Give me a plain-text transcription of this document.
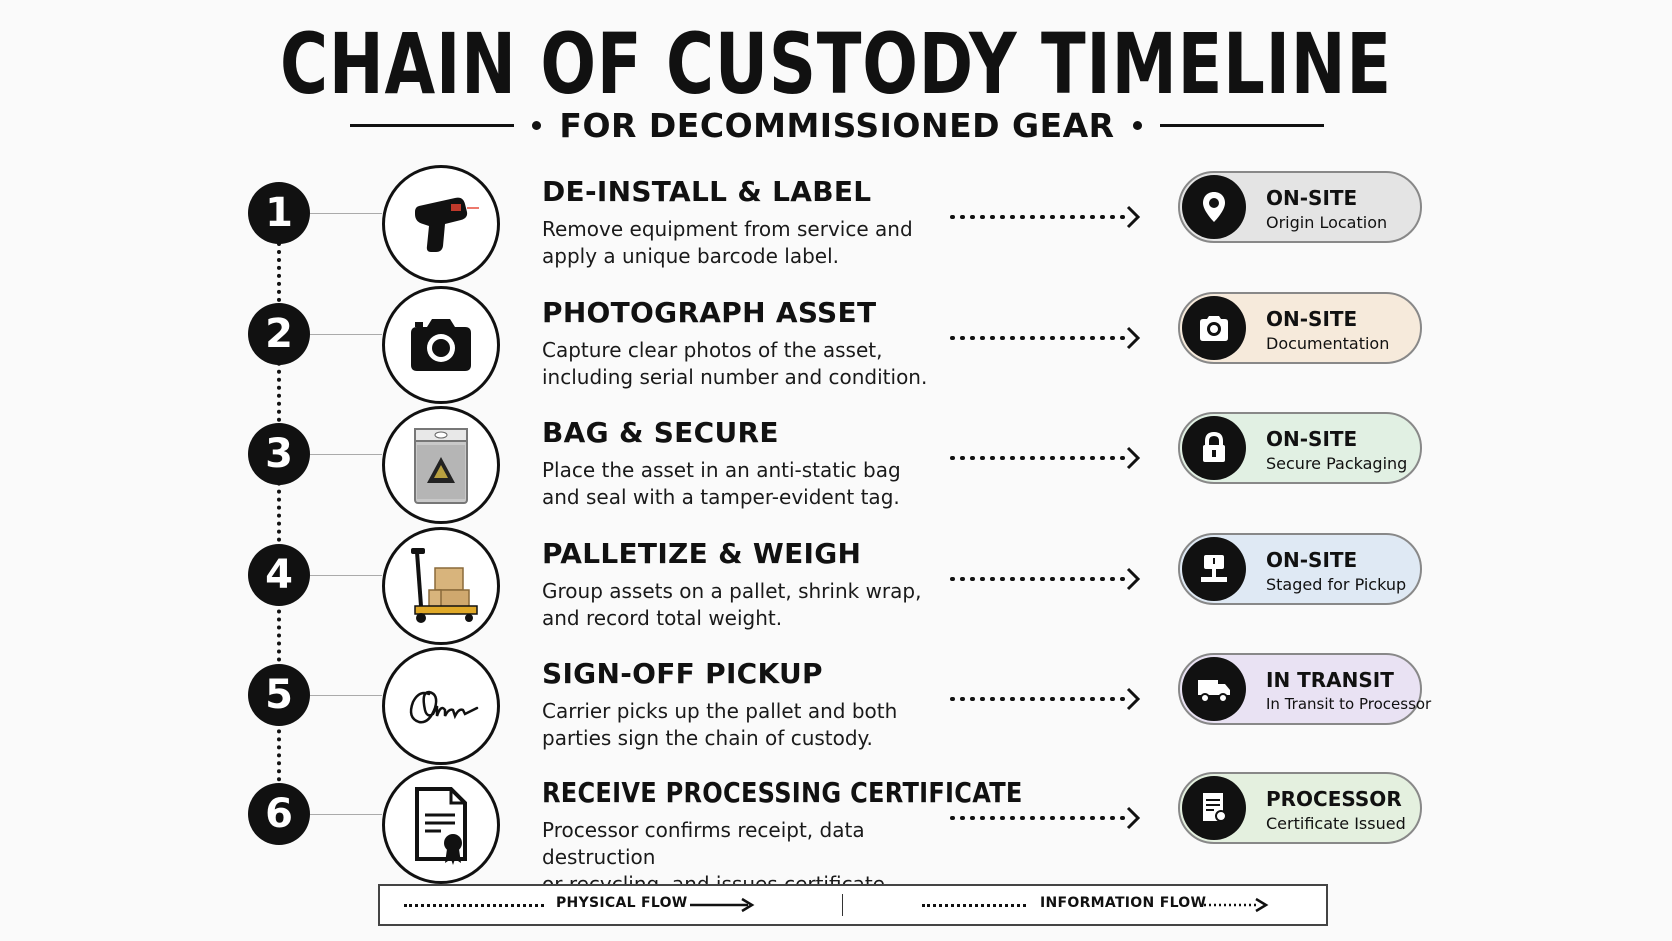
CHAIN OF CUSTODY TIMELINE
FOR DECOMMISSIONED GEAR
1	DE-INSTALL & LABEL
Remove equipment from service and
apply a unique barcode label.
ON-SITE
Origin Location
2	PHOTOGRAPH ASSET
Capture clear photos of the asset,
including serial number and condition.
ON-SITE
Documentation
3	BAG & SECURE
Place the asset in an anti-static bag
and seal with a tamper-evident tag.
ON-SITE
Secure Packaging
4	PALLETIZE & WEIGH
Group assets on a pallet, shrink wrap,
and record total weight.
ON-SITE
Staged for Pickup
5	SIGN-OFF PICKUP
Carrier picks up the pallet and both
parties sign the chain of custody.
IN TRANSIT
In Transit to Processor
6	RECEIVE PROCESSING CERTIFICATE
Processor confirms receipt, data destruction
PROCESSOR
Certificate Issued
PHYSICAL FLOW	INFORMATION FLOW
